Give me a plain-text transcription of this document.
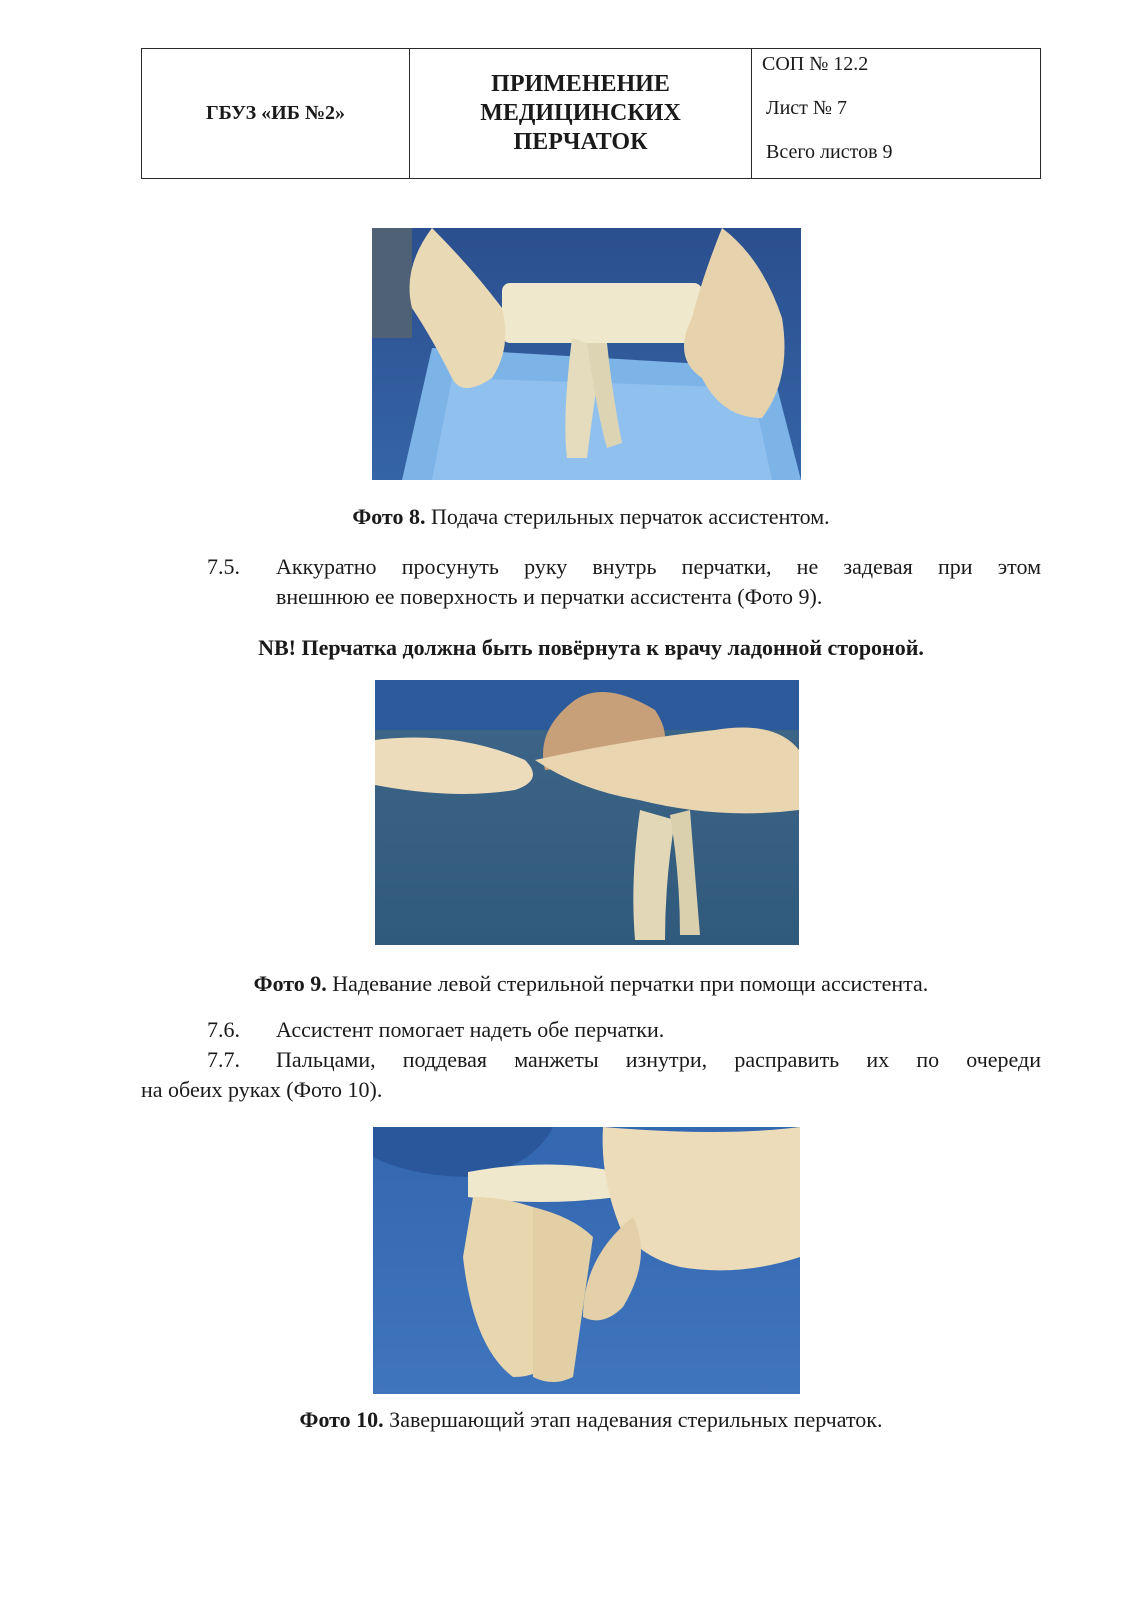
ГБУЗ «ИБ №2»
ПРИМЕНЕНИЕ
МЕДИЦИНСКИХ
ПЕРЧАТОК
СОП № 12.2
Лист № 7
Всего листов 9
Фото 8. Подача стерильных перчаток ассистентом.
7.5. Аккуратно просунуть руку внутрь перчатки, не задевая при этом
внешнюю ее поверхность и перчатки ассистента (Фото 9).
NB! Перчатка должна быть повёрнута к врачу ладонной стороной.
Фото 9. Надевание левой стерильной перчатки при помощи ассистента.
7.6. Ассистент помогает надеть обе перчатки.
7.7. Пальцами, поддевая манжеты изнутри, расправить их по очереди
на обеих руках (Фото 10).
Фото 10. Завершающий этап надевания стерильных перчаток.
